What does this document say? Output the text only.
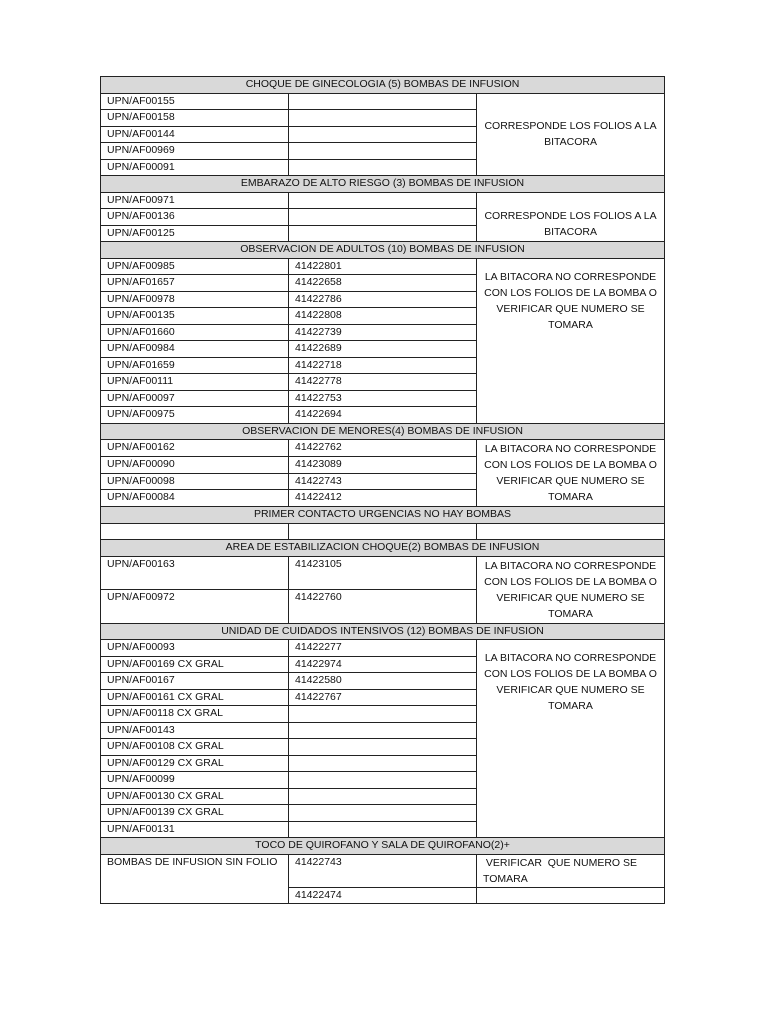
CHOQUE DE GINECOLOGIA (5) BOMBAS DE INFUSION		
UPN/AF00155		CORRESPONDE LOS FOLIOS A LA BITACORA
UPN/AF00158		
UPN/AF00144		
UPN/AF00969		
UPN/AF00091		
EMBARAZO DE ALTO RIESGO (3) BOMBAS DE INFUSION		
UPN/AF00971		CORRESPONDE LOS FOLIOS A LA BITACORA
UPN/AF00136		
UPN/AF00125		
OBSERVACION DE ADULTOS (10) BOMBAS DE INFUSION		
UPN/AF00985	41422801	LA BITACORA NO CORRESPONDE CON LOS FOLIOS DE LA BOMBA O VERIFICAR QUE NUMERO SE TOMARA
UPN/AF01657	41422658	
UPN/AF00978	41422786	
UPN/AF00135	41422808	
UPN/AF01660	41422739	
UPN/AF00984	41422689	
UPN/AF01659	41422718	
UPN/AF00111	41422778	
UPN/AF00097	41422753	
UPN/AF00975	41422694	
OBSERVACION DE MENORES(4) BOMBAS DE INFUSION		
UPN/AF00162	41422762	LA BITACORA NO CORRESPONDE CON LOS FOLIOS DE LA BOMBA O VERIFICAR QUE NUMERO SE TOMARA
UPN/AF00090	41423089	
UPN/AF00098	41422743	
UPN/AF00084	41422412	
PRIMER CONTACTO URGENCIAS NO HAY BOMBAS		

AREA DE ESTABILIZACION CHOQUE(2) BOMBAS DE INFUSION		
UPN/AF00163	41423105	LA BITACORA NO CORRESPONDE CON LOS FOLIOS DE LA BOMBA O VERIFICAR QUE NUMERO SE TOMARA
UPN/AF00972	41422760	
UNIDAD DE CUIDADOS INTENSIVOS (12) BOMBAS DE INFUSION		
UPN/AF00093	41422277	LA BITACORA NO CORRESPONDE CON LOS FOLIOS DE LA BOMBA O VERIFICAR QUE NUMERO SE TOMARA
UPN/AF00169 CX GRAL	41422974	
UPN/AF00167	41422580	
UPN/AF00161 CX GRAL	41422767	
UPN/AF00118 CX GRAL		
UPN/AF00143		
UPN/AF00108 CX GRAL		
UPN/AF00129 CX GRAL		
UPN/AF00099		
UPN/AF00130 CX GRAL		
UPN/AF00139 CX GRAL		
UPN/AF00131		
TOCO DE QUIROFANO Y SALA DE QUIROFANO(2)+		
BOMBAS DE INFUSION SIN FOLIO	41422743	VERIFICAR  QUE NUMERO SE TOMARA
	41422474	
